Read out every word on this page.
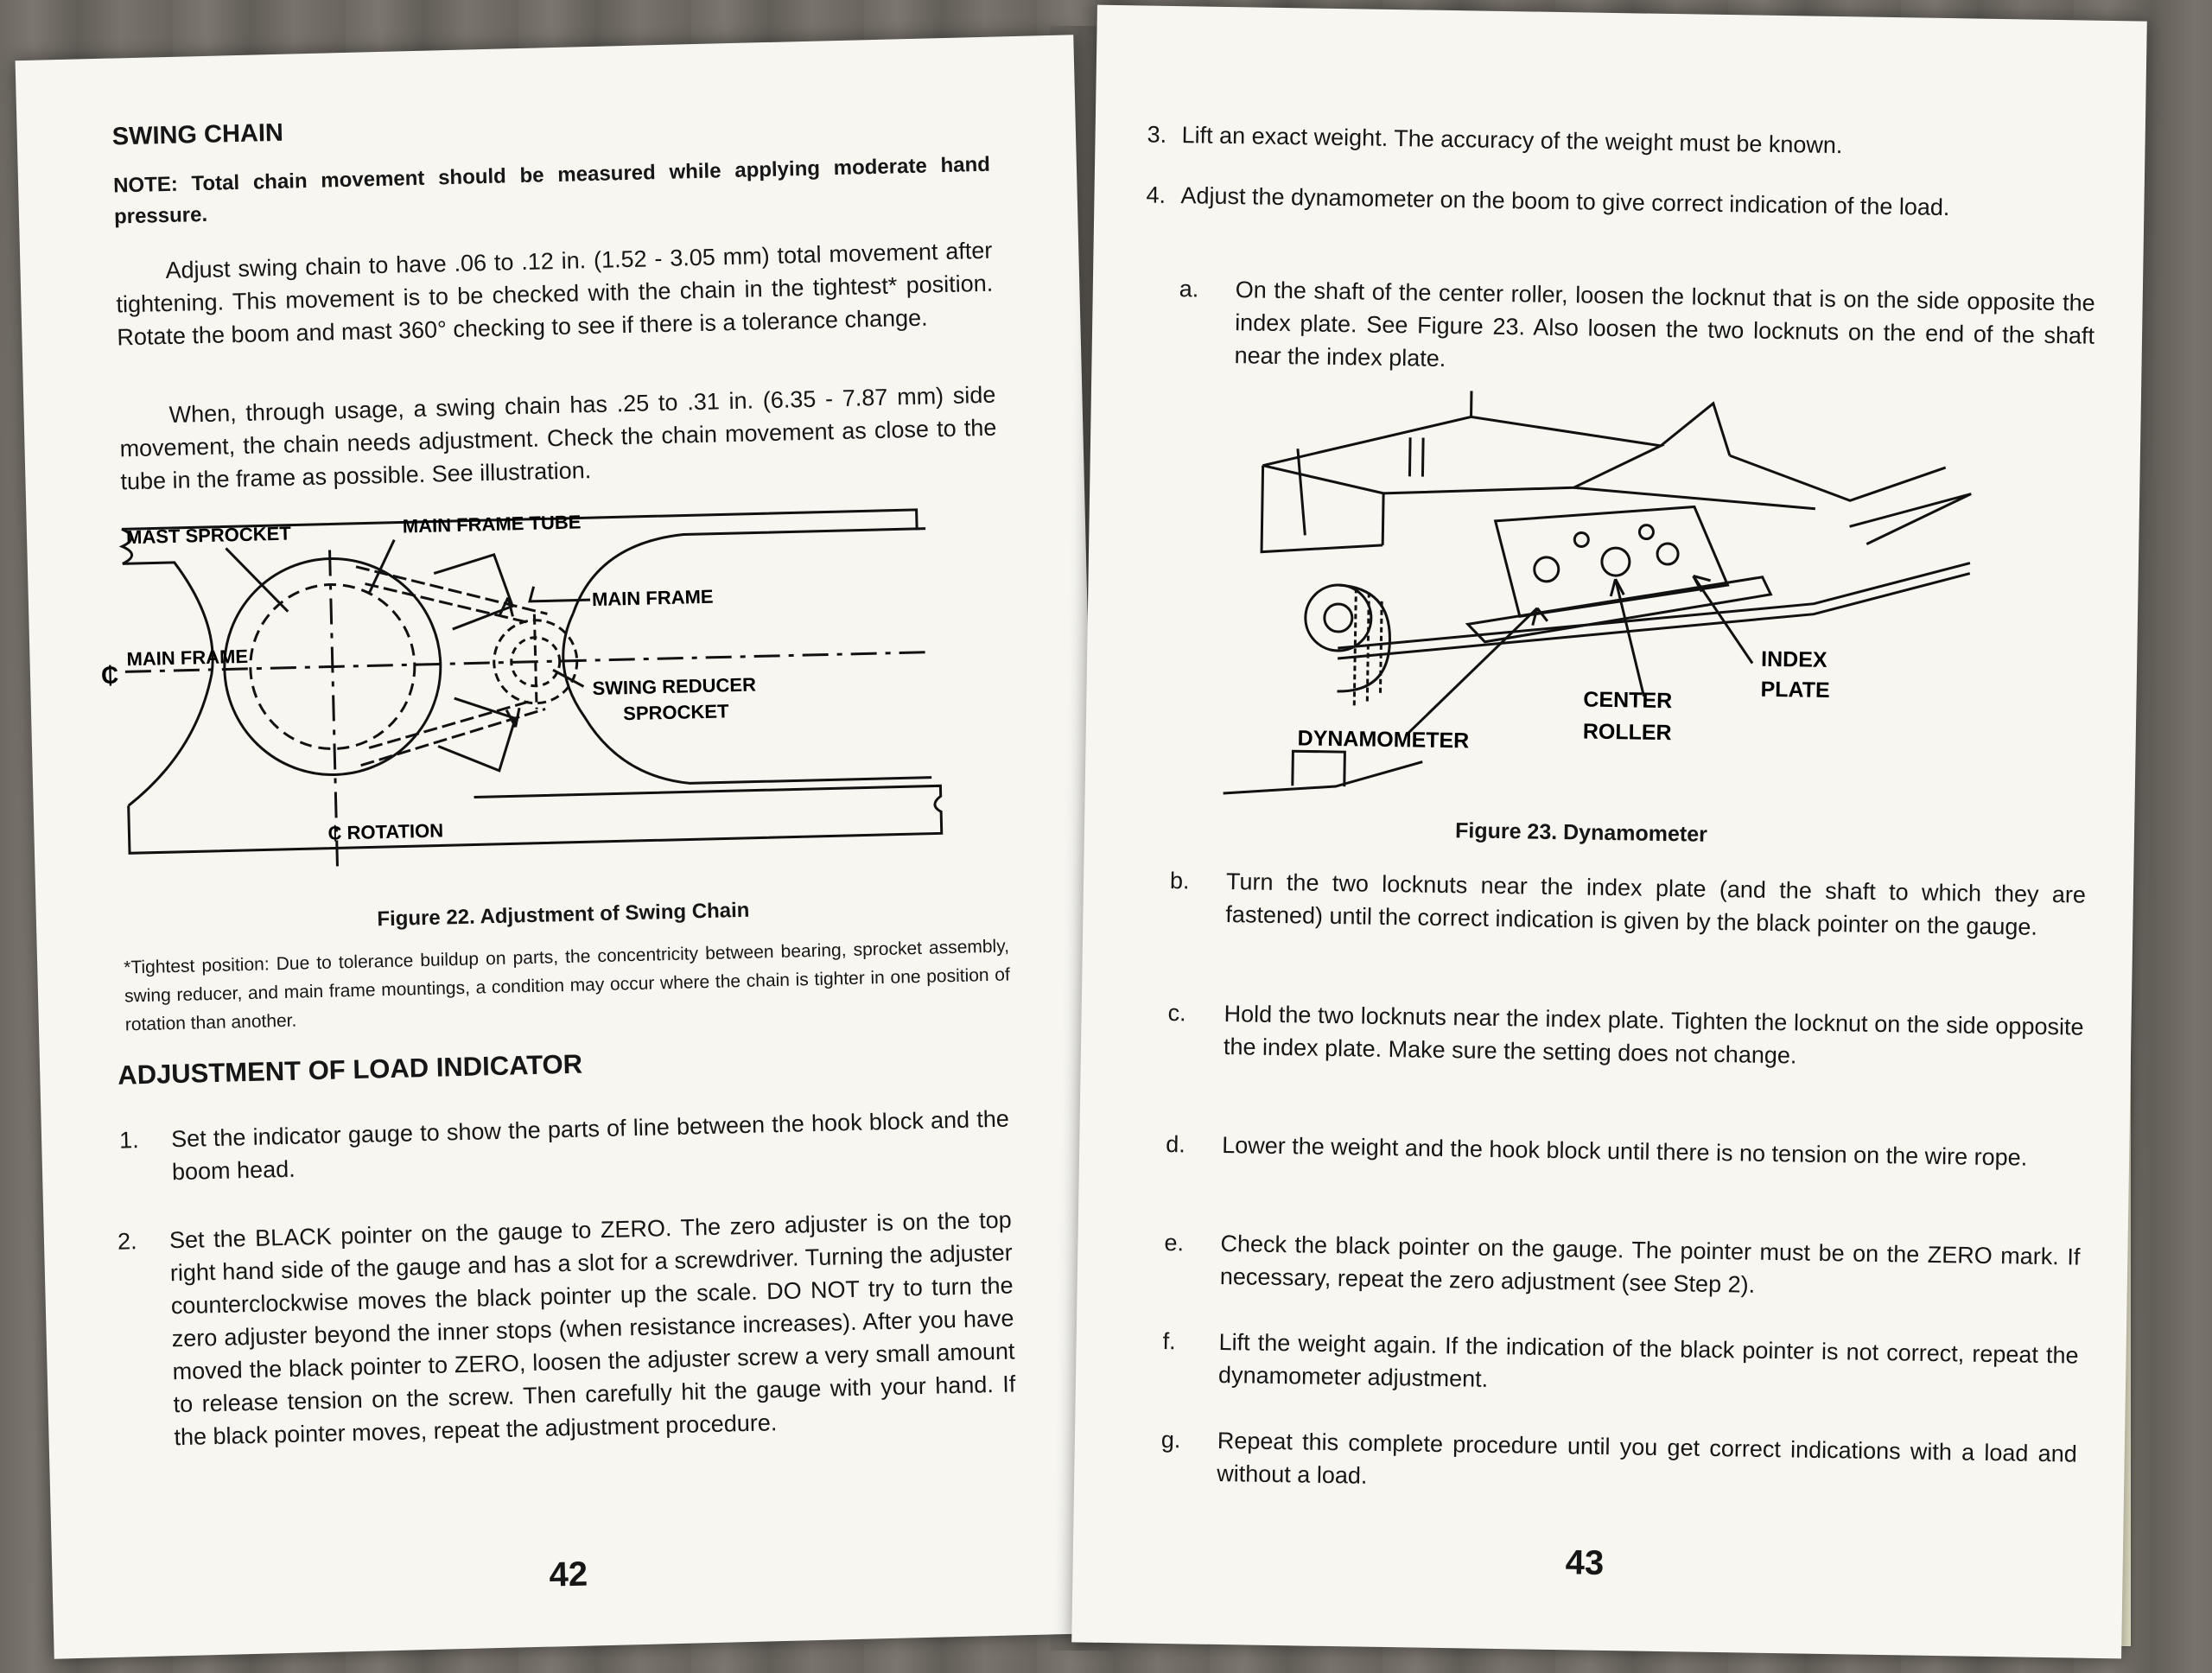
SWING CHAIN
NOTE: Total chain movement should be measured while applying moderate hand pressure.
Adjust swing chain to have .06 to .12 in. (1.52 - 3.05 mm) total movement after tightening. This movement is to be checked with the chain in the tightest* position. Rotate the boom and mast 360° checking to see if there is a tolerance change.
When, through usage, a swing chain has .25 to .31 in. (6.35 - 7.87 mm) side movement, the chain needs adjustment. Check the chain movement as close to the tube in the frame as possible. See illustration.
MAST SPROCKET	MAIN FRAME TUBE
MAIN FRAME
MAIN FRAME
₵	SWING REDUCER
SPROCKET
₵ ROTATION
Figure 22. Adjustment of Swing Chain
*Tightest position: Due to tolerance buildup on parts, the concentricity between bearing, sprocket assembly, swing reducer, and main frame mountings, a condition may occur where the chain is tighter in one position of rotation than another.
ADJUSTMENT OF LOAD INDICATOR
1. Set the indicator gauge to show the parts of line between the hook block and the boom head.
2. Set the BLACK pointer on the gauge to ZERO. The zero adjuster is on the top right hand side of the gauge and has a slot for a screwdriver. Turning the adjuster counterclockwise moves the black pointer up the scale. DO NOT try to turn the zero adjuster beyond the inner stops (when resistance increases). After you have moved the black pointer to ZERO, loosen the adjuster screw a very small amount to release tension on the screw. Then carefully hit the gauge with your hand. If the black pointer moves, repeat the adjustment procedure.
42
3. Lift an exact weight. The accuracy of the weight must be known.
4. Adjust the dynamometer on the boom to give correct indication of the load.
a. On the shaft of the center roller, loosen the locknut that is on the side opposite the index plate. See Figure 23. Also loosen the two locknuts on the end of the shaft near the index plate.
INDEX
PLATE
CENTER
ROLLER
DYNAMOMETER
Figure 23. Dynamometer
b. Turn the two locknuts near the index plate (and the shaft to which they are fastened) until the correct indication is given by the black pointer on the gauge.
c. Hold the two locknuts near the index plate. Tighten the locknut on the side opposite the index plate. Make sure the setting does not change.
d. Lower the weight and the hook block until there is no tension on the wire rope.
e. Check the black pointer on the gauge. The pointer must be on the ZERO mark. If necessary, repeat the zero adjustment (see Step 2).
f. Lift the weight again. If the indication of the black pointer is not correct, repeat the dynamometer adjustment.
g. Repeat this complete procedure until you get correct indications with a load and without a load.
43
